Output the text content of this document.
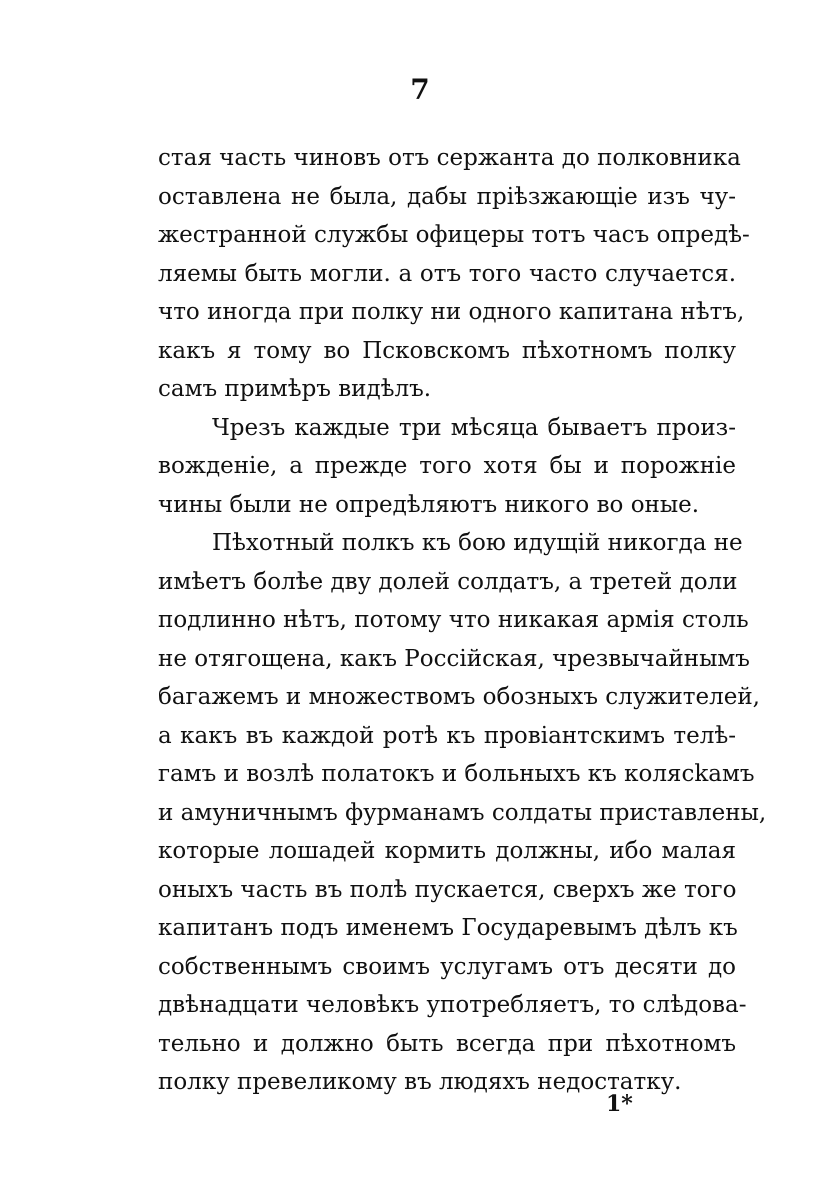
7
стая часть чиновъ отъ сержанта до полковника
оставлена не была, дабы пріѣзжающіе изъ чу-
жестранной службы офицеры тотъ часъ опредѣ-
ляемы быть могли. а отъ того часто случается.
что иногда при полку ни одного капитана нѣтъ,
какъ я тому во Псковскомъ пѣхотномъ полку
самъ примѣръ видѣлъ.
Чрезъ каждые три мѣсяца бываетъ произ-
вожденіе, а прежде того хотя бы и порожніе
чины были не опредѣляютъ никого во оные.
Пѣхотный полкъ къ бою идущій никогда не
имѣетъ болѣе дву долей солдатъ, а третей доли
подлинно нѣтъ, потому что никакая армія столь
не отягощена, какъ Россійская, чрезвычайнымъ
багажемъ и множествомъ обозныхъ служителей,
а какъ въ каждой ротѣ къ провіантскимъ телѣ-
гамъ и возлѣ полатокъ и больныхъ къ колясkамъ
и амуничнымъ фурманамъ солдаты приставлены,
которые лошадей кормить должны, ибо малая
оныхъ часть въ полѣ пускается, сверхъ же того
капитанъ подъ именемъ Государевымъ дѣлъ къ
собственнымъ своимъ услугамъ отъ десяти до
двѣнадцати человѣкъ употребляетъ, то слѣдова-
тельно и должно быть всегда при пѣхотномъ
полку превеликому въ людяхъ недостатку.
1*
